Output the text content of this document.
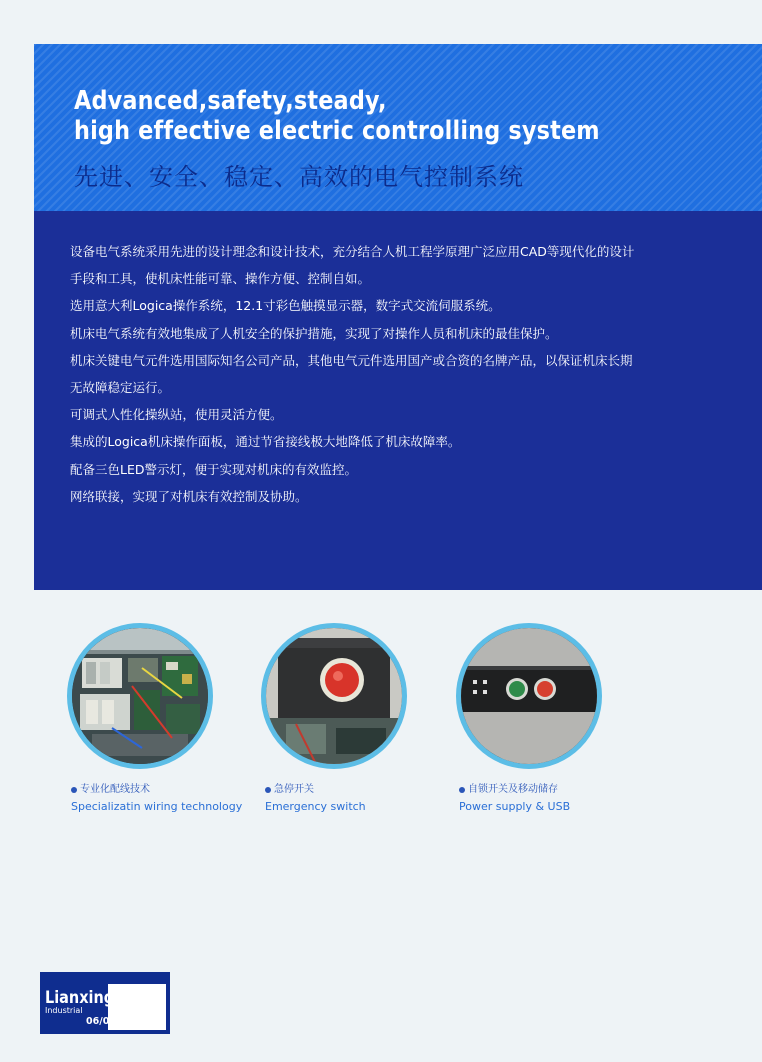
Advanced,safety,steady,
high effective electric controlling system
先进、安全、稳定、高效的电气控制系统

设备电气系统采用先进的设计理念和设计技术，充分结合人机工程学原理广泛应用CAD等现代化的设计

手段和工具，使机床性能可靠、操作方便、控制自如。

选用意大利Logica操作系统，12.1寸彩色触摸显示器，数字式交流伺服系统。

机床电气系统有效地集成了人机安全的保护措施，实现了对操作人员和机床的最佳保护。

机床关键电气元件选用国际知名公司产品，其他电气元件选用国产或合资的名牌产品，以保证机床长期

无故障稳定运行。

可调式人性化操纵站，使用灵活方便。

集成的Logica机床操作面板，通过节省接线极大地降低了机床故障率。

配备三色LED警示灯，便于实现对机床的有效监控。

网络联接，实现了对机床有效控制及协助。

专业化配线技术
Specializatin wiring technology
急停开关
Emergency switch
自锁开关及移动储存
Power supply & USB
Lianxing
Industrial
06/07
